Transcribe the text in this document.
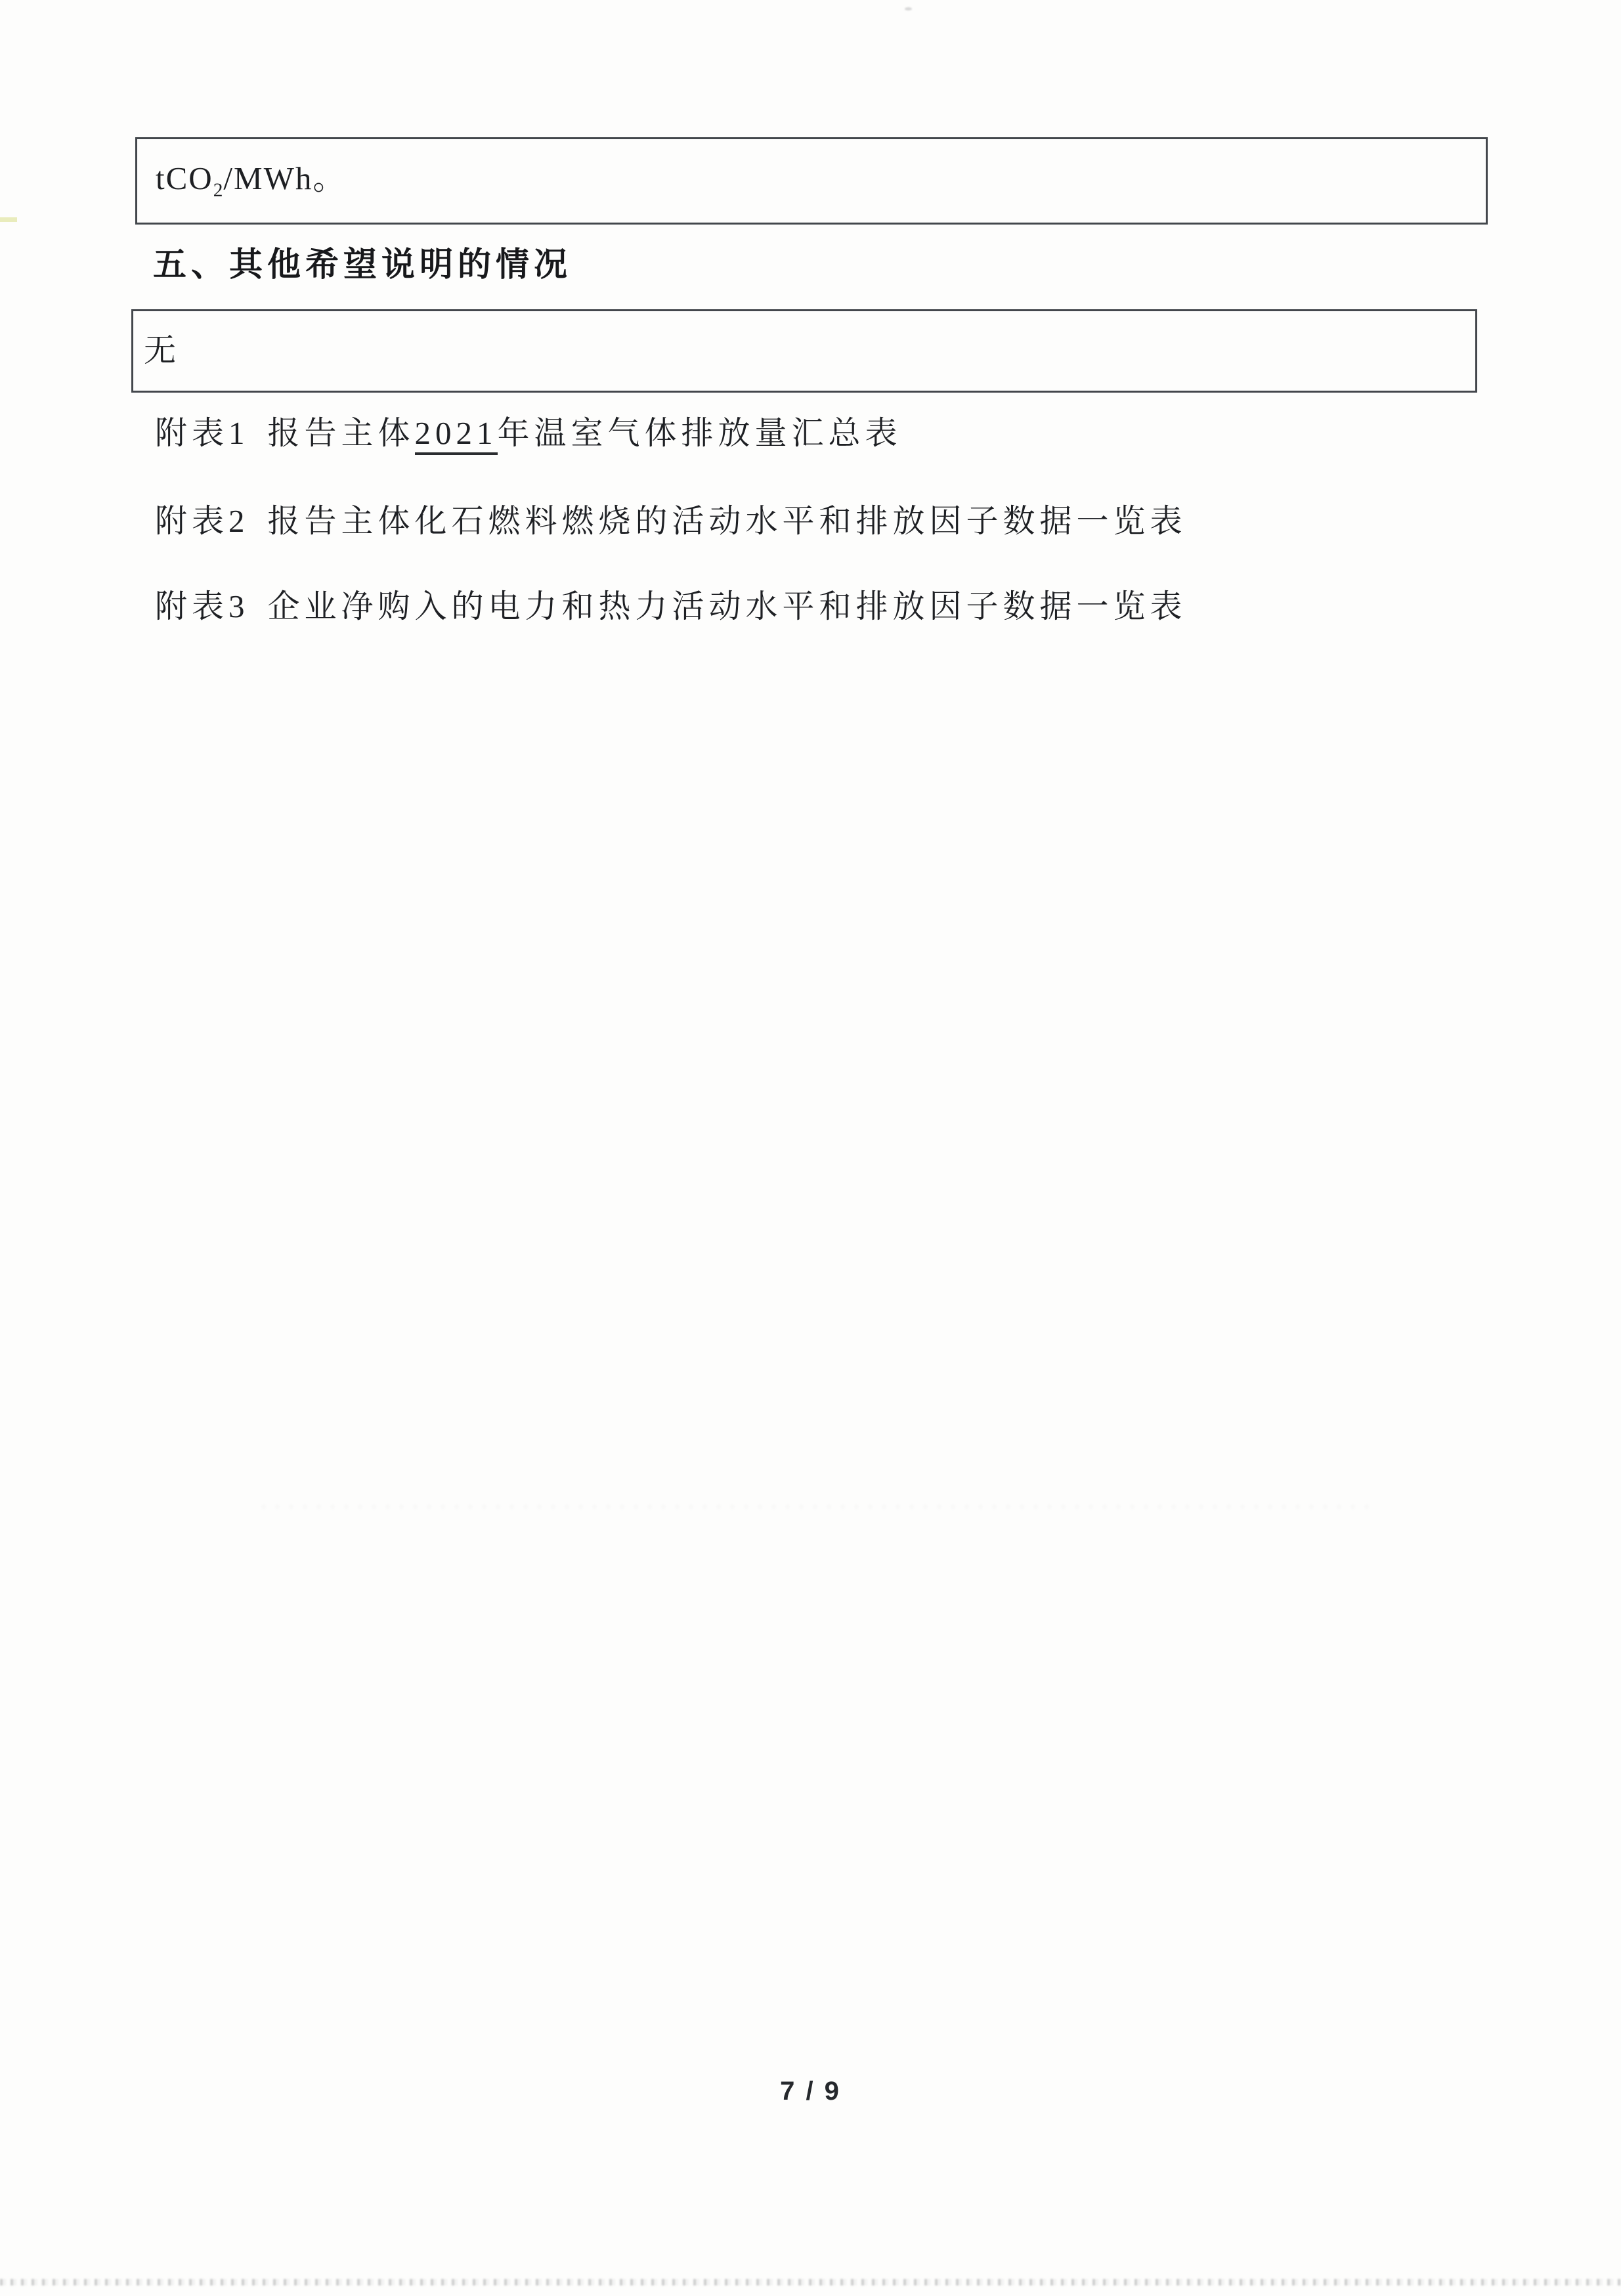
tCO$_2$/MWh。

五、其他希望说明的情况

无

附表1 报告主体2021年温室气体排放量汇总表

附表2 报告主体化石燃料燃烧的活动水平和排放因子数据一览表

附表3 企业净购入的电力和热力活动水平和排放因子数据一览表

7 / 9
